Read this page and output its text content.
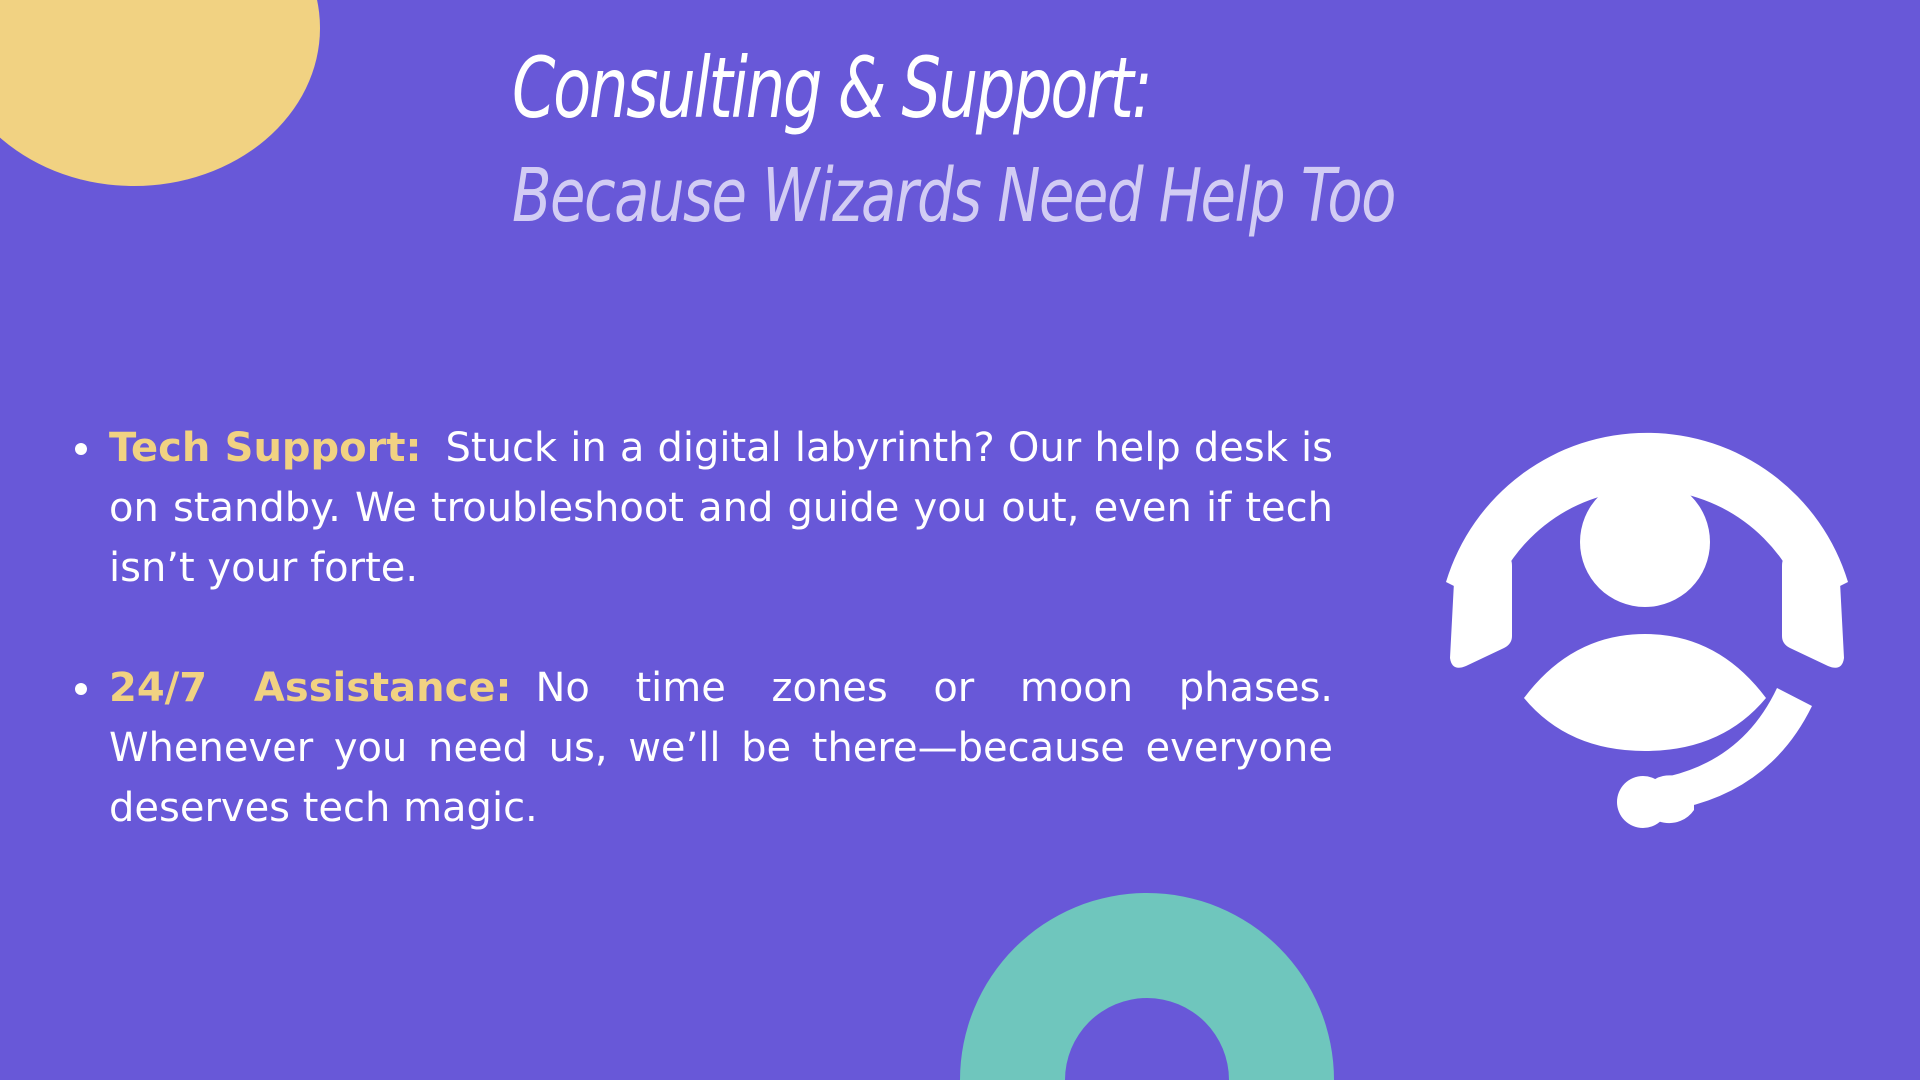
Consulting & Support:
Because Wizards Need Help Too
Tech Support: Stuck in a digital labyrinth? Our help desk is on standby. We troubleshoot and guide you out, even if tech isn’t your forte.
24/7 Assistance: No time zones or moon phases. Whenever you need us, we’ll be there—because everyone deserves tech magic.
